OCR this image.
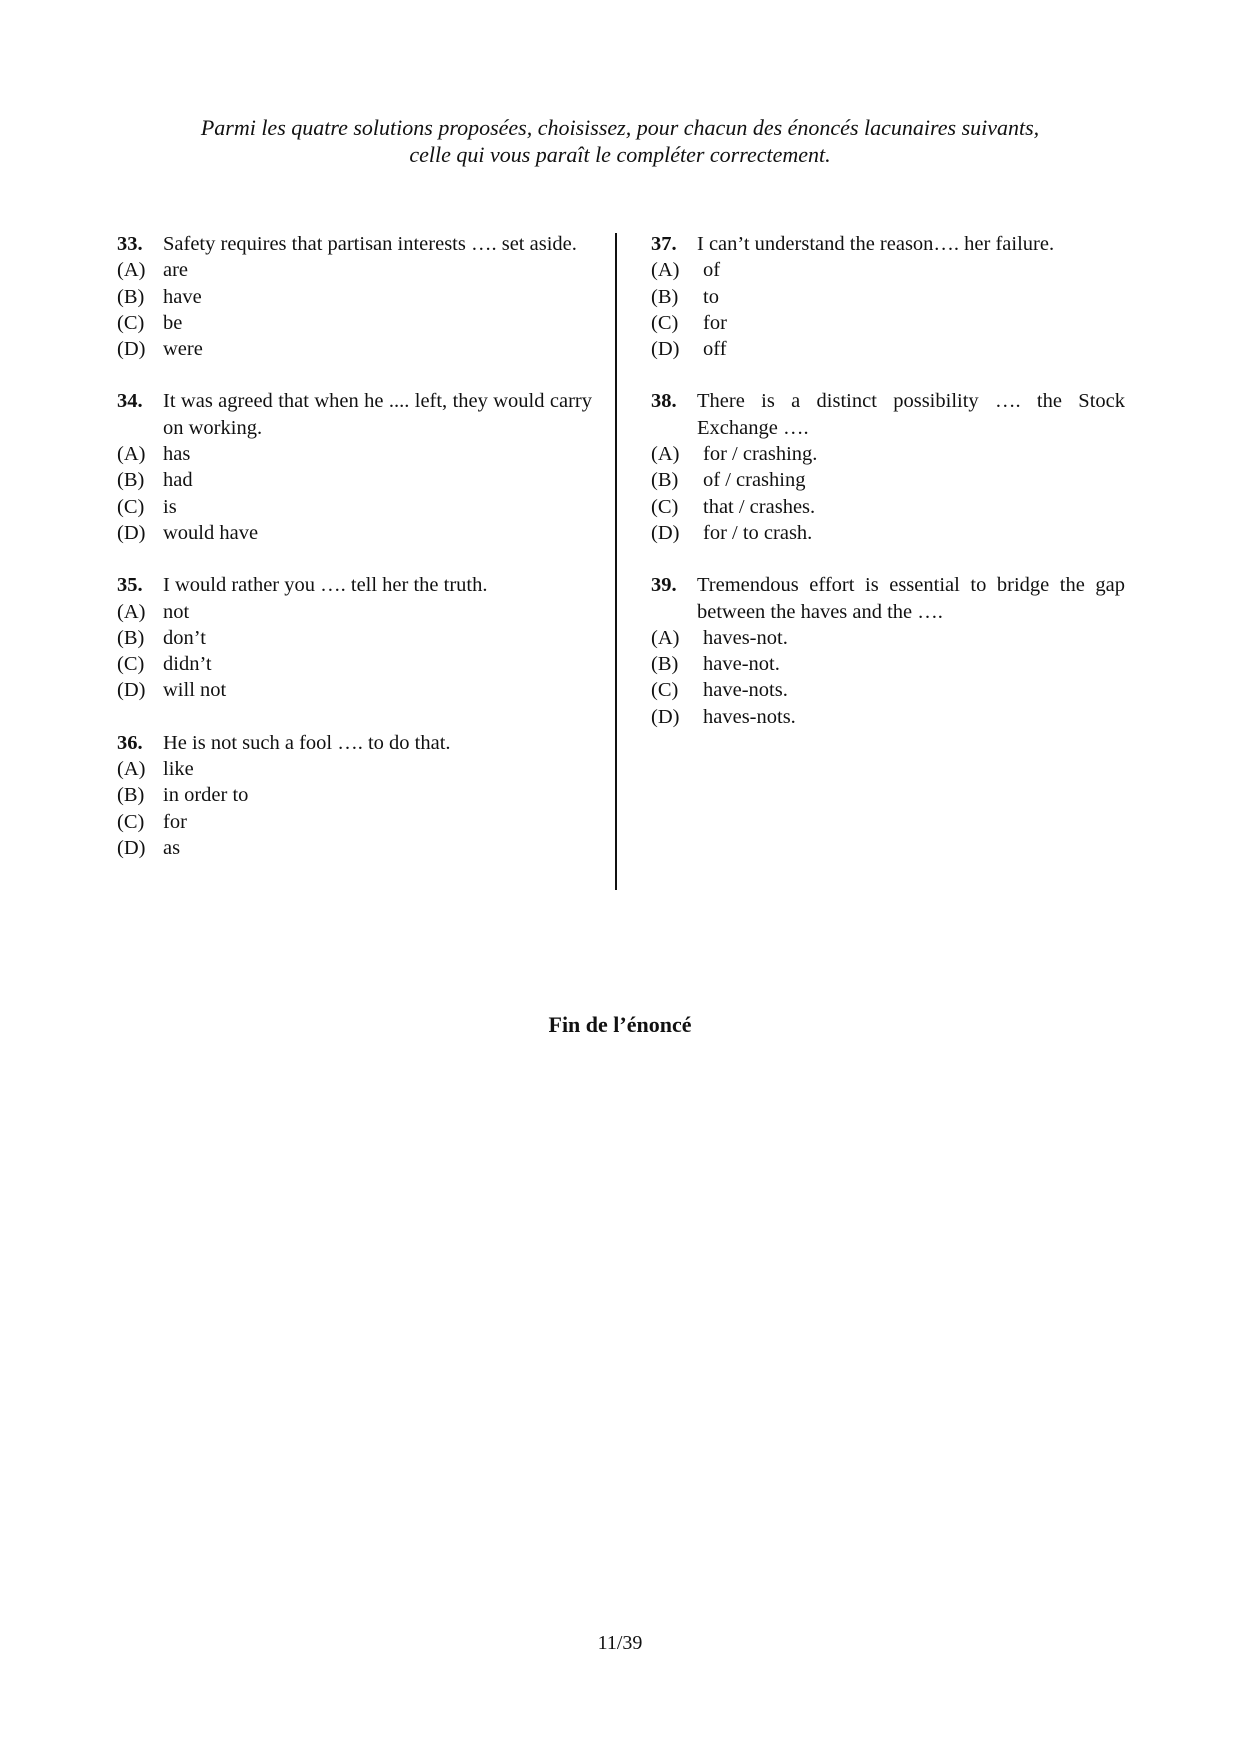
Parmi les quatre solutions proposées, choisissez, pour chacun des énoncés lacunaires suivants,
celle qui vous paraît le compléter correctement.
33. Safety requires that partisan interests …. set aside.
(A) are
(B) have
(C) be
(D) were
34. It was agreed that when he .... left, they would carry on working.
(A) has
(B) had
(C) is
(D) would have
35. I would rather you …. tell her the truth.
(A) not
(B) don’t
(C) didn’t
(D) will not
36. He is not such a fool …. to do that.
(A) like
(B) in order to
(C) for
(D) as
37. I can’t understand the reason…. her failure.
(A) of
(B) to
(C) for
(D) off
38. There is a distinct possibility …. the Stock Exchange ….
(A) for / crashing.
(B) of / crashing
(C) that / crashes.
(D) for / to crash.
39. Tremendous effort is essential to bridge the gap between the haves and the ….
(A) haves-not.
(B) have-not.
(C) have-nots.
(D) haves-nots.
Fin de l’énoncé
11/39
